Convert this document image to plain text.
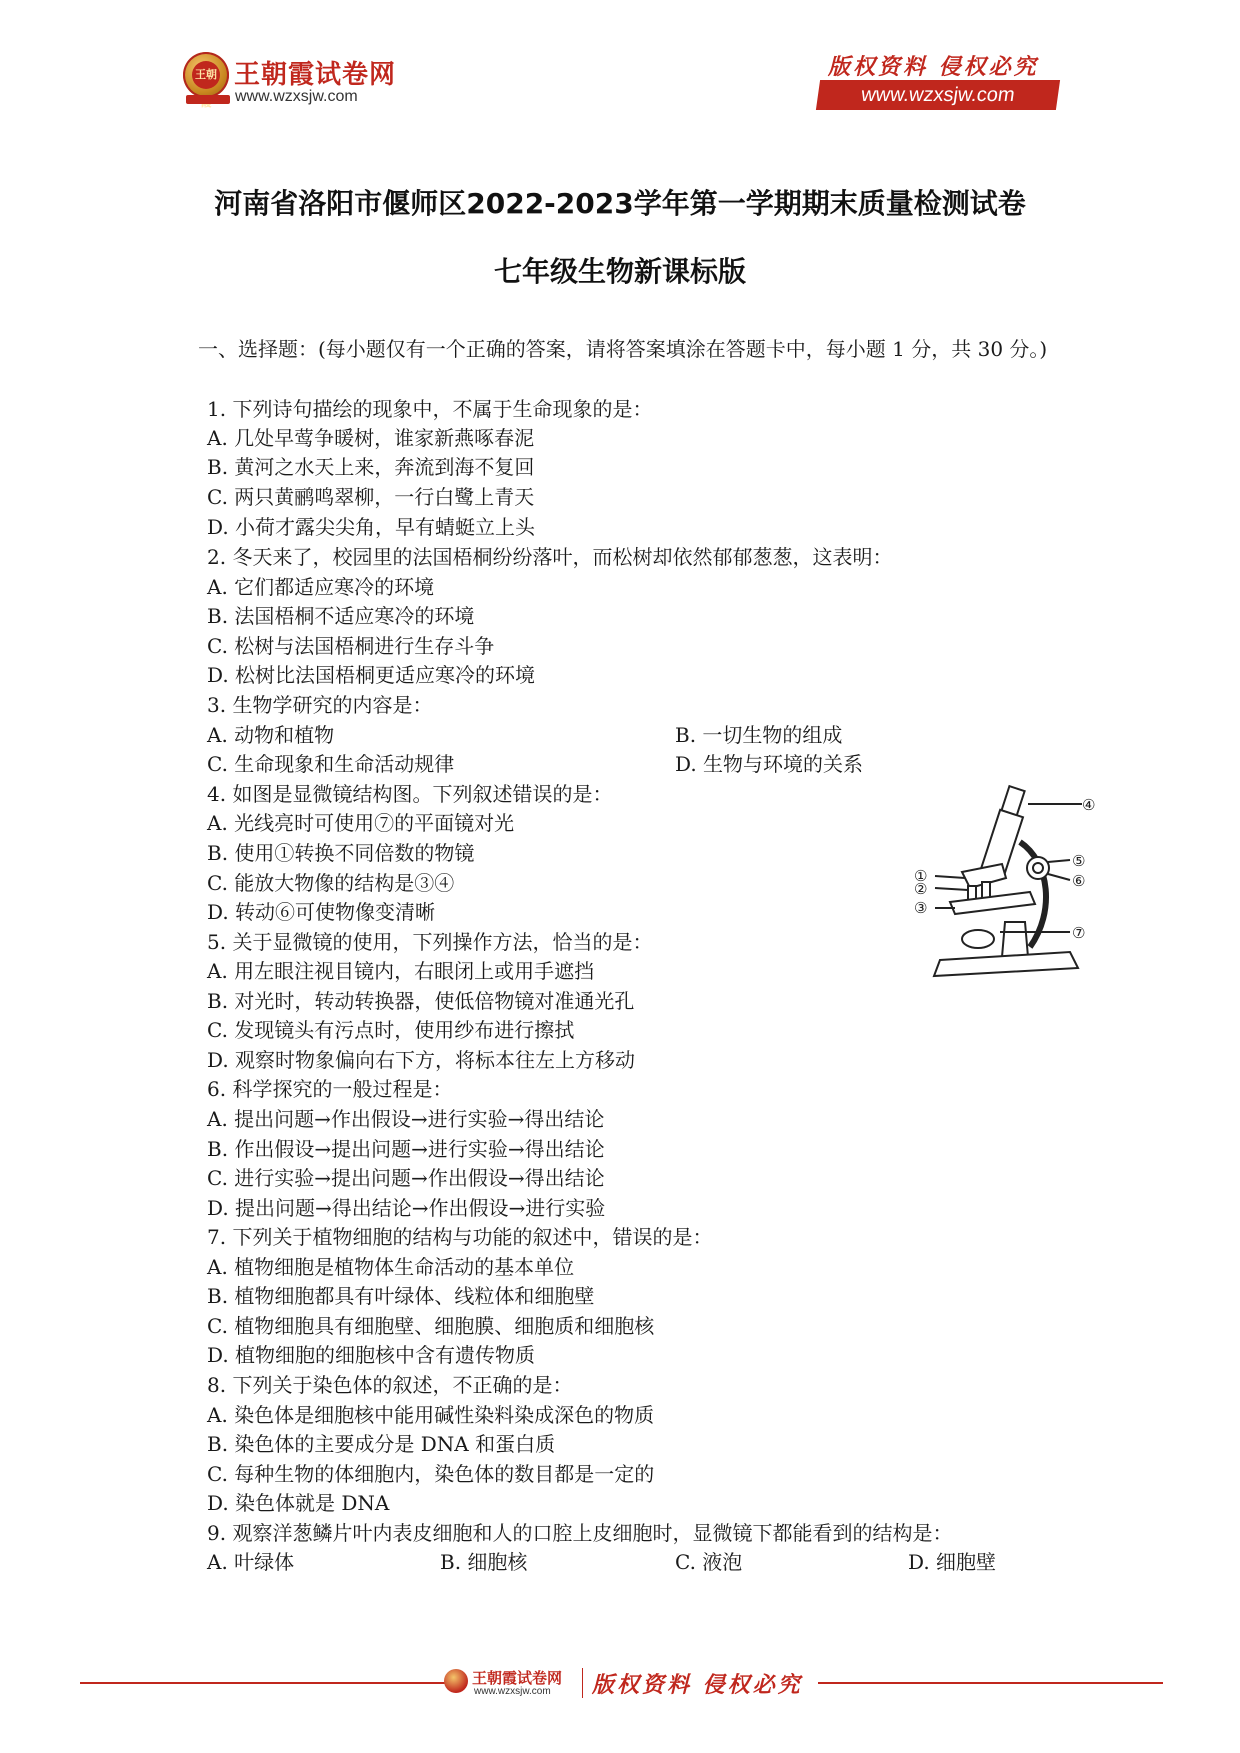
王朝 王朝霞试卷网
www.wzxsjw.com
版权资料 侵权必究
www.wzxsjw.com
河南省洛阳市偃师区2022-2023学年第一学期期末质量检测试卷
七年级生物新课标版
一、选择题：(每小题仅有一个正确的答案，请将答案填涂在答题卡中，每小题 1 分，共 30 分。)
1. 下列诗句描绘的现象中，不属于生命现象的是：
A. 几处早莺争暖树，谁家新燕啄春泥
B. 黄河之水天上来，奔流到海不复回
C. 两只黄鹂鸣翠柳，一行白鹭上青天
D. 小荷才露尖尖角，早有蜻蜓立上头
2. 冬天来了，校园里的法国梧桐纷纷落叶，而松树却依然郁郁葱葱，这表明：
A. 它们都适应寒冷的环境
B. 法国梧桐不适应寒冷的环境
C. 松树与法国梧桐进行生存斗争
D. 松树比法国梧桐更适应寒冷的环境
3. 生物学研究的内容是：
A. 动物和植物	B. 一切生物的组成
C. 生命现象和生命活动规律	D. 生物与环境的关系
4. 如图是显微镜结构图。下列叙述错误的是：
A. 光线亮时可使用⑦的平面镜对光
B. 使用①转换不同倍数的物镜
C. 能放大物像的结构是③④
D. 转动⑥可使物像变清晰
④
⑤
⑥
①
②
③
⑦
5. 关于显微镜的使用，下列操作方法，恰当的是：
A. 用左眼注视目镜内，右眼闭上或用手遮挡
B. 对光时，转动转换器，使低倍物镜对准通光孔
C. 发现镜头有污点时，使用纱布进行擦拭
D. 观察时物象偏向右下方，将标本往左上方移动
6. 科学探究的一般过程是：
A. 提出问题→作出假设→进行实验→得出结论
B. 作出假设→提出问题→进行实验→得出结论
C. 进行实验→提出问题→作出假设→得出结论
D. 提出问题→得出结论→作出假设→进行实验
7. 下列关于植物细胞的结构与功能的叙述中，错误的是：
A. 植物细胞是植物体生命活动的基本单位
B. 植物细胞都具有叶绿体、线粒体和细胞壁
C. 植物细胞具有细胞壁、细胞膜、细胞质和细胞核
D. 植物细胞的细胞核中含有遗传物质
8. 下列关于染色体的叙述，不正确的是：
A. 染色体是细胞核中能用碱性染料染成深色的物质
B. 染色体的主要成分是 DNA 和蛋白质
C. 每种生物的体细胞内，染色体的数目都是一定的
D. 染色体就是 DNA
9. 观察洋葱鳞片叶内表皮细胞和人的口腔上皮细胞时，显微镜下都能看到的结构是：
A. 叶绿体	B. 细胞核	C. 液泡	D. 细胞壁
王朝霞试卷网
www.wzxsjw.com 版权资料 侵权必究
